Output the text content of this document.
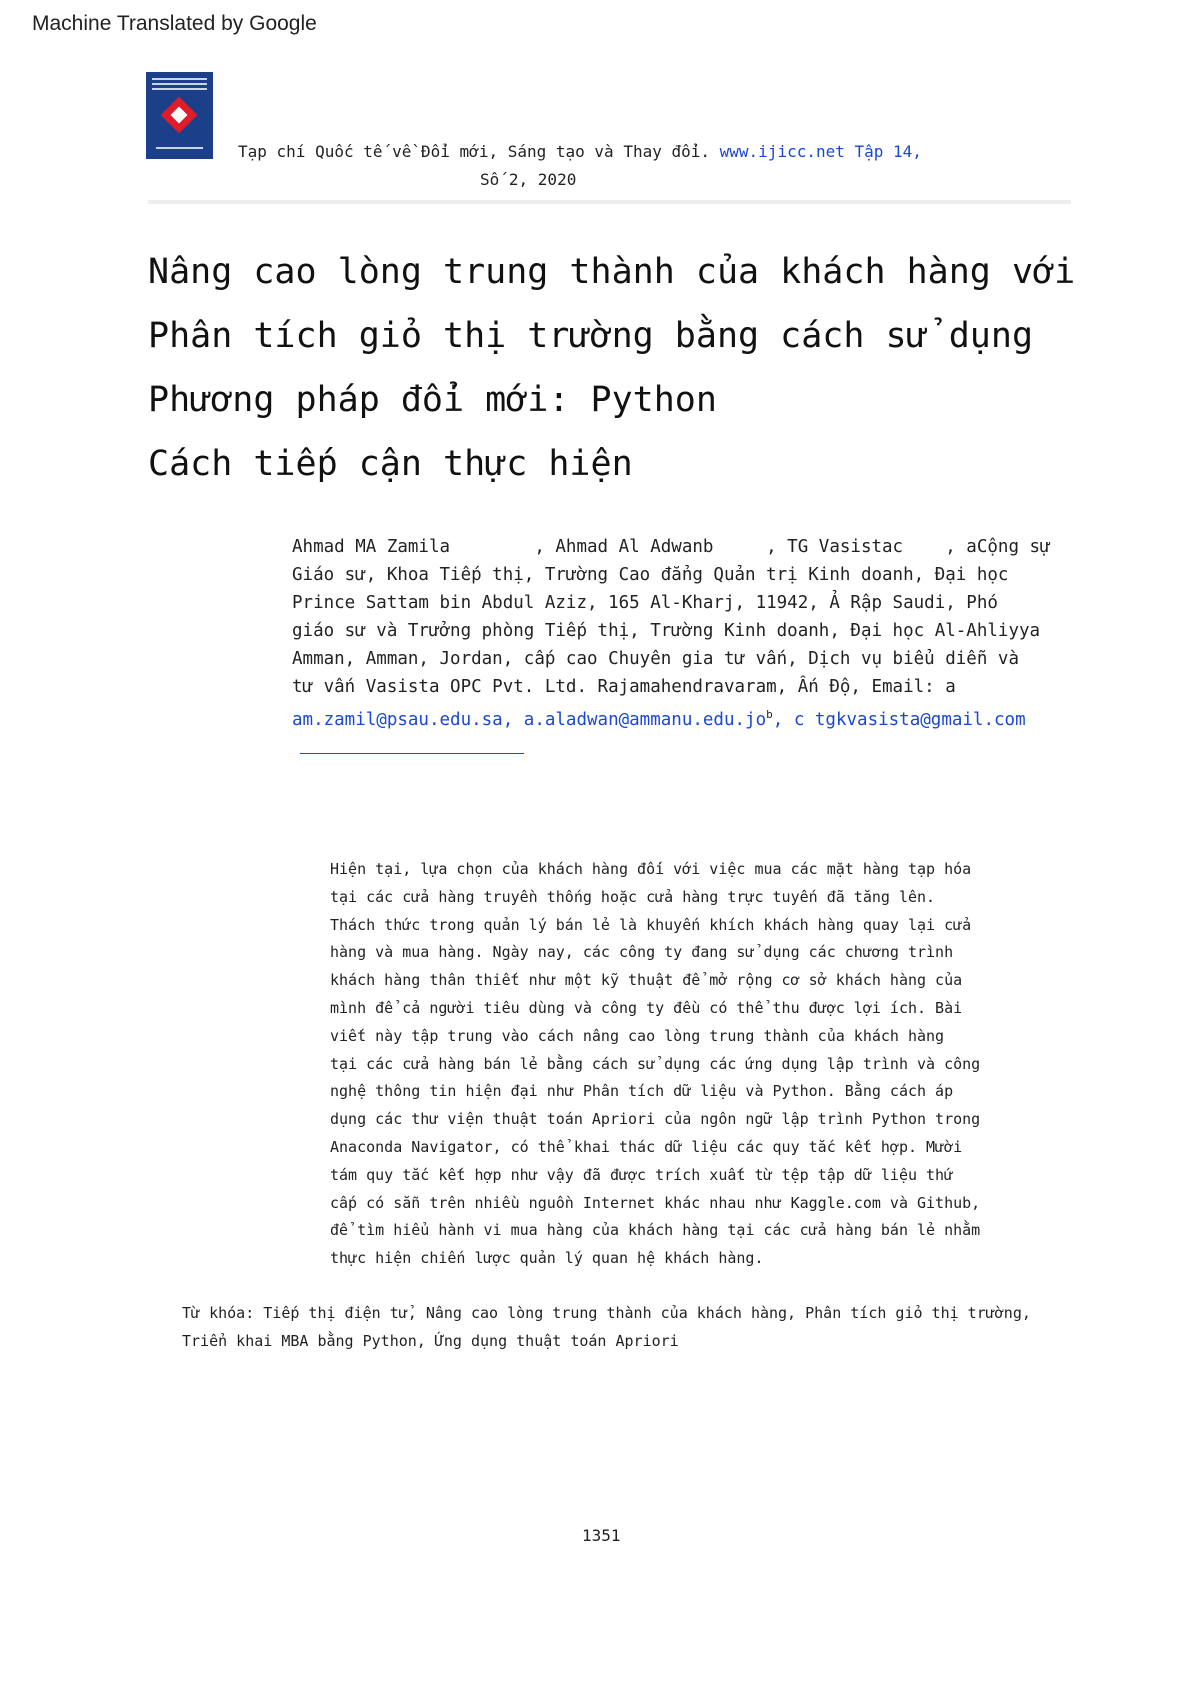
Machine Translated by Google
Tạp chí Quốc tế về Đổi mới, Sáng tạo và Thay đổi. www.ijicc.net Tập 14,
Số 2, 2020
Nâng cao lòng trung thành của khách hàng với
Phân tích giỏ thị trường bằng cách sử dụng
Phương pháp đổi mới: Python
Cách tiếp cận thực hiện
Ahmad MA Zamila        , Ahmad Al Adwanb     , TG Vasistac    , aCộng sự
Giáo sư, Khoa Tiếp thị, Trường Cao đẳng Quản trị Kinh doanh, Đại học
Prince Sattam bin Abdul Aziz, 165 Al-Kharj, 11942, Ả Rập Saudi, Phó
giáo sư và Trưởng phòng Tiếp thị, Trường Kinh doanh, Đại học Al-Ahliyya
Amman, Amman, Jordan, cấp cao Chuyên gia tư vấn, Dịch vụ biểu diễn và
tư vấn Vasista OPC Pvt. Ltd. Rajamahendravaram, Ấn Độ, Email: a
am.zamil@psau.edu.sa, $a.aladwan@ammanu.edu.jo^b$, c tgkvasista@gmail.com
Hiện tại, lựa chọn của khách hàng đối với việc mua các mặt hàng tạp hóa
tại các cửa hàng truyền thống hoặc cửa hàng trực tuyến đã tăng lên.
Thách thức trong quản lý bán lẻ là khuyến khích khách hàng quay lại cửa
hàng và mua hàng. Ngày nay, các công ty đang sử dụng các chương trình
khách hàng thân thiết như một kỹ thuật để mở rộng cơ sở khách hàng của
mình để cả người tiêu dùng và công ty đều có thể thu được lợi ích. Bài
viết này tập trung vào cách nâng cao lòng trung thành của khách hàng
tại các cửa hàng bán lẻ bằng cách sử dụng các ứng dụng lập trình và công
nghệ thông tin hiện đại như Phân tích dữ liệu và Python. Bằng cách áp
dụng các thư viện thuật toán Apriori của ngôn ngữ lập trình Python trong
Anaconda Navigator, có thể khai thác dữ liệu các quy tắc kết hợp. Mười
tám quy tắc kết hợp như vậy đã được trích xuất từ tệp tập dữ liệu thứ
cấp có sẵn trên nhiều nguồn Internet khác nhau như Kaggle.com và Github,
để tìm hiểu hành vi mua hàng của khách hàng tại các cửa hàng bán lẻ nhằm
thực hiện chiến lược quản lý quan hệ khách hàng.
Từ khóa: Tiếp thị điện tử, Nâng cao lòng trung thành của khách hàng, Phân tích giỏ thị trường,
Triển khai MBA bằng Python, Ứng dụng thuật toán Apriori
1351
